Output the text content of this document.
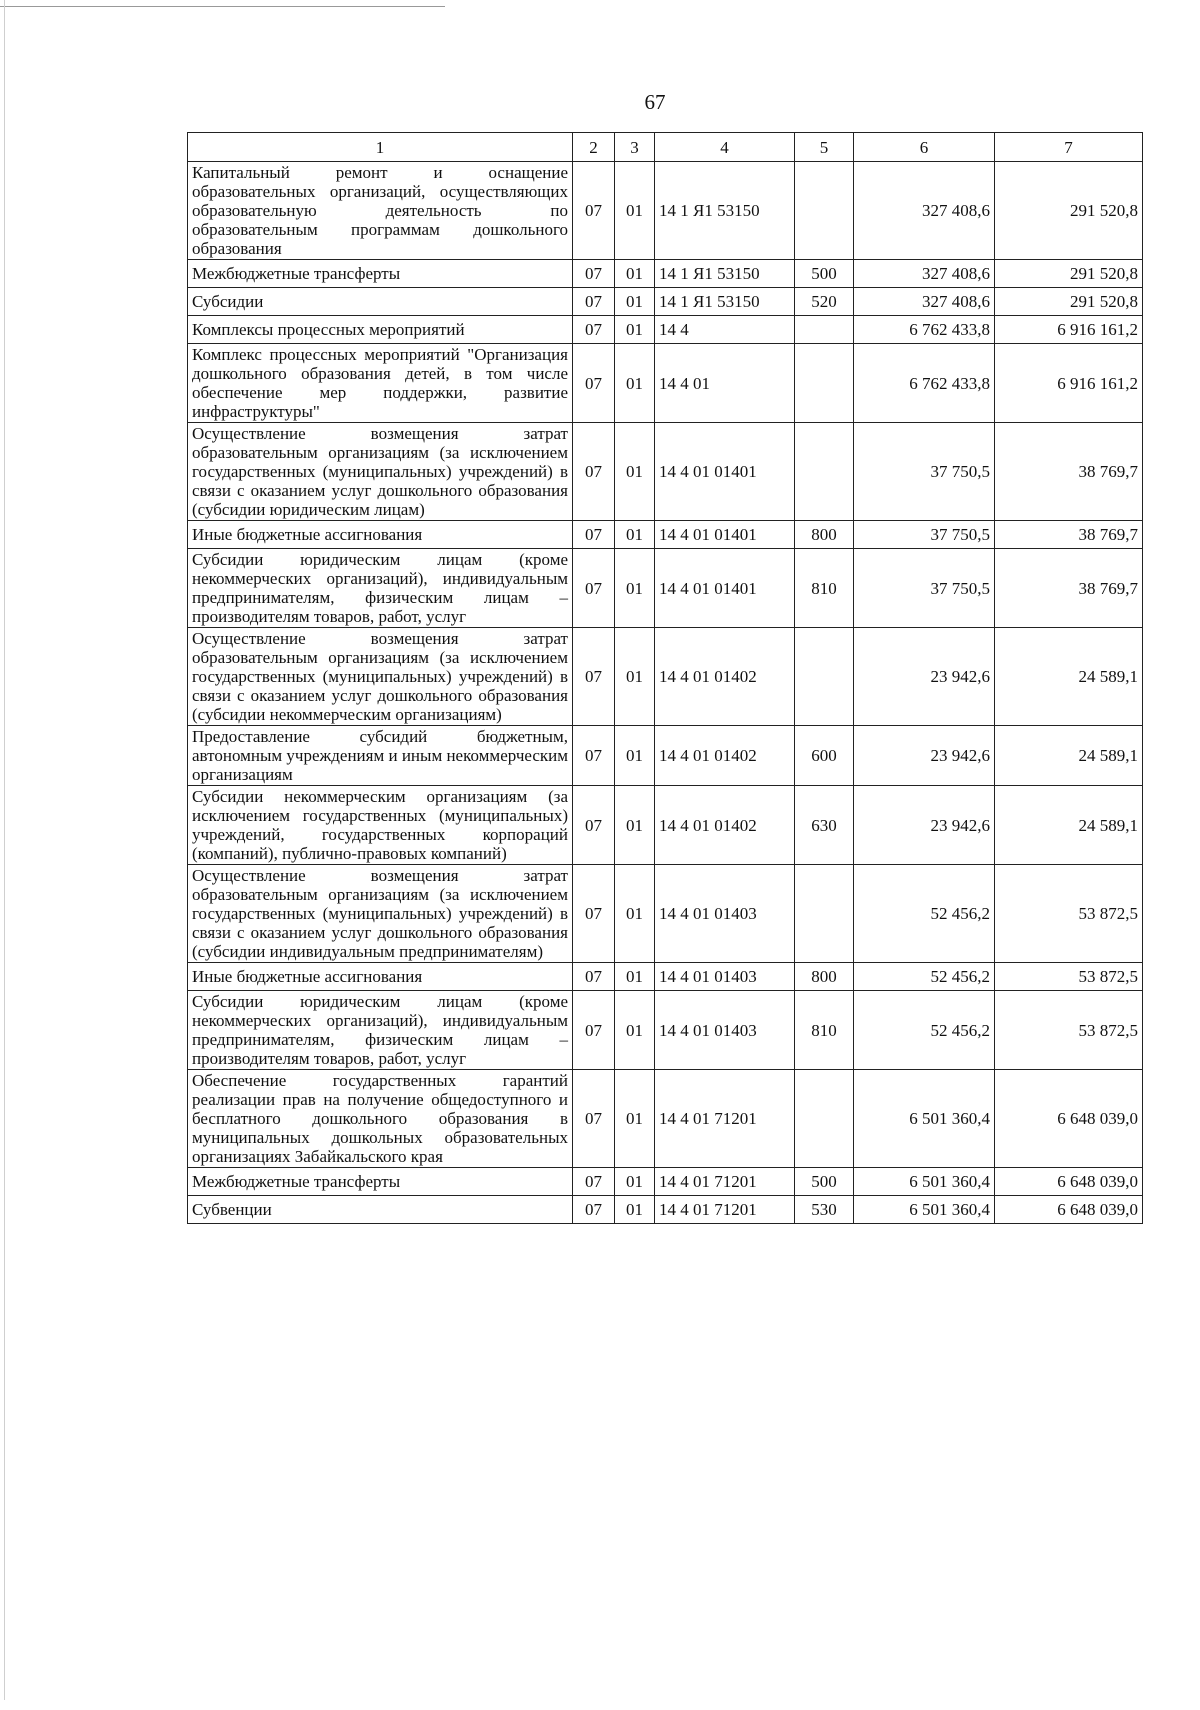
67
1	2	3	4	5	6	7
Капитальный ремонт и оснащение образовательных организаций, осуществляющих образовательную деятельность по образовательным программам дошкольного образования	07	01	14 1 Я1 53150		327 408,6	291 520,8
Межбюджетные трансферты	07	01	14 1 Я1 53150	500	327 408,6	291 520,8
Субсидии	07	01	14 1 Я1 53150	520	327 408,6	291 520,8
Комплексы процессных мероприятий	07	01	14 4		6 762 433,8	6 916 161,2
Комплекс процессных мероприятий "Организация дошкольного образования детей, в том числе обеспечение мер поддержки, развитие инфраструктуры"	07	01	14 4 01		6 762 433,8	6 916 161,2
Осуществление возмещения затрат образовательным организациям (за исключением государственных (муниципальных) учреждений) в связи с оказанием услуг дошкольного образования (субсидии юридическим лицам)	07	01	14 4 01 01401		37 750,5	38 769,7
Иные бюджетные ассигнования	07	01	14 4 01 01401	800	37 750,5	38 769,7
Субсидии юридическим лицам (кроме некоммерческих организаций), индивидуальным предпринимателям, физическим лицам – производителям товаров, работ, услуг	07	01	14 4 01 01401	810	37 750,5	38 769,7
Осуществление возмещения затрат образовательным организациям (за исключением государственных (муниципальных) учреждений) в связи с оказанием услуг дошкольного образования (субсидии некоммерческим организациям)	07	01	14 4 01 01402		23 942,6	24 589,1
Предоставление субсидий бюджетным, автономным учреждениям и иным некоммерческим организациям	07	01	14 4 01 01402	600	23 942,6	24 589,1
Субсидии некоммерческим организациям (за исключением государственных (муниципальных) учреждений, государственных корпораций (компаний), публично-правовых компаний)	07	01	14 4 01 01402	630	23 942,6	24 589,1
Осуществление возмещения затрат образовательным организациям (за исключением государственных (муниципальных) учреждений) в связи с оказанием услуг дошкольного образования (субсидии индивидуальным предпринимателям)	07	01	14 4 01 01403		52 456,2	53 872,5
Иные бюджетные ассигнования	07	01	14 4 01 01403	800	52 456,2	53 872,5
Субсидии юридическим лицам (кроме некоммерческих организаций), индивидуальным предпринимателям, физическим лицам – производителям товаров, работ, услуг	07	01	14 4 01 01403	810	52 456,2	53 872,5
Обеспечение государственных гарантий реализации прав на получение общедоступного и бесплатного дошкольного образования в муниципальных дошкольных образовательных организациях Забайкальского края	07	01	14 4 01 71201		6 501 360,4	6 648 039,0
Межбюджетные трансферты	07	01	14 4 01 71201	500	6 501 360,4	6 648 039,0
Субвенции	07	01	14 4 01 71201	530	6 501 360,4	6 648 039,0
